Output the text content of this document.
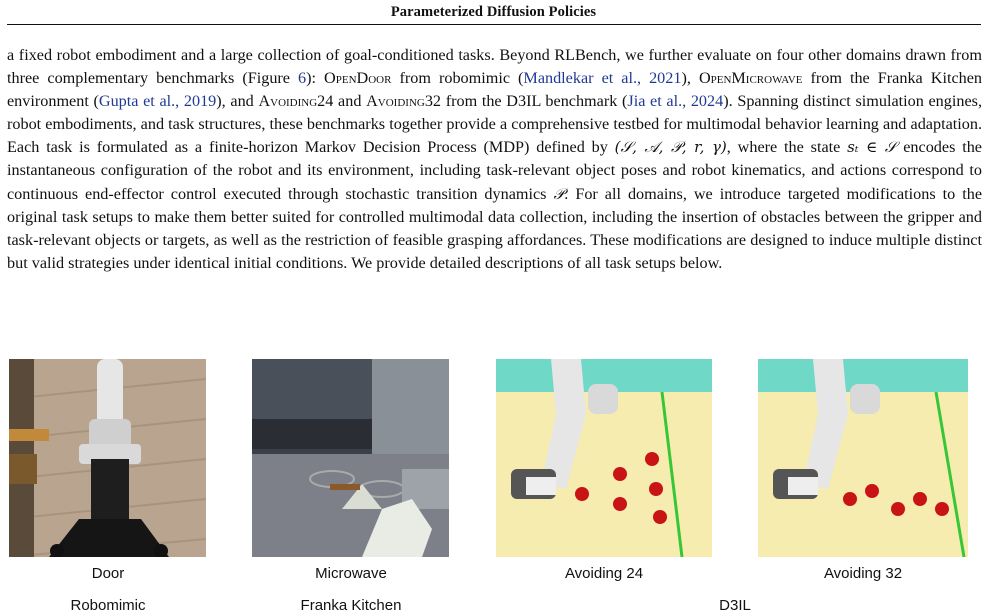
Parameterized Diffusion Policies
a fixed robot embodiment and a large collection of goal-conditioned tasks. Beyond RLBench, we further evaluate on four other domains drawn from three complementary benchmarks (Figure 6): OpenDoor from robomimic (Mandlekar et al., 2021), OpenMicrowave from the Franka Kitchen environment (Gupta et al., 2019), and Avoiding24 and Avoiding32 from the D3IL benchmark (Jia et al., 2024). Spanning distinct simulation engines, robot embodiments, and task structures, these benchmarks together provide a comprehensive testbed for multimodal behavior learning and adaptation. Each task is formulated as a finite-horizon Markov Decision Process (MDP) defined by (𝒮, 𝒜, 𝒫, r, γ), where the state sₜ ∈ 𝒮 encodes the instantaneous configuration of the robot and its environment, including task-relevant object poses and robot kinematics, and actions correspond to continuous end-effector control executed through stochastic transition dynamics 𝒫. For all domains, we introduce targeted modifications to the original task setups to make them better suited for controlled multimodal data collection, including the insertion of obstacles between the gripper and task-relevant objects or targets, as well as the restriction of feasible grasping affordances. These modifications are designed to induce multiple distinct but valid strategies under identical initial conditions. We provide detailed descriptions of all task setups below.
Door	Microwave	Avoiding 24	Avoiding 32
Robomimic	Franka Kitchen	D3IL
